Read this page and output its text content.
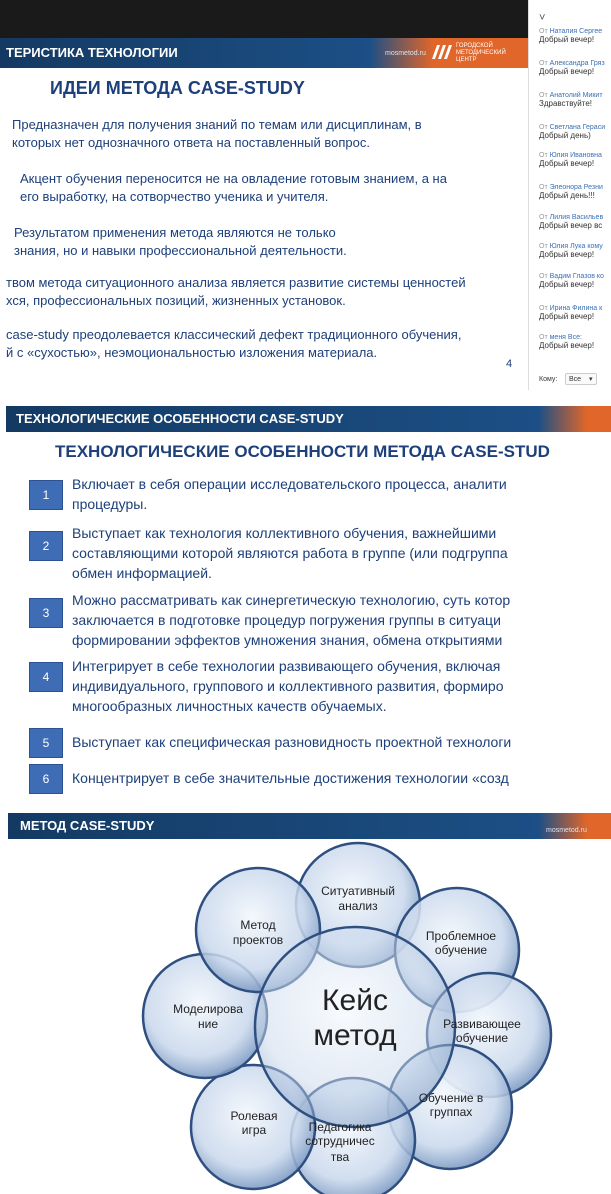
ТЕРИСТИКА ТЕХНОЛОГИИ	mosmetod.ru
ГОРОДСКОЙ МЕТОДИЧЕСКИЙ ЦЕНТР
ИДЕИ МЕТОДА CASE-STUDY
Предназначен для получения знаний по темам или дисциплинам, в
которых нет однозначного ответа на поставленный вопрос.
Акцент обучения переносится не на овладение готовым знанием, а на
его выработку, на сотворчество ученика и учителя.
Результатом применения метода являются не только
знания, но и навыки профессиональной деятельности.
твом метода ситуационного анализа является развитие системы ценностей
хся, профессиональных позиций, жизненных установок.
case-study преодолевается классический дефект традиционного обучения,
й с «сухостью», неэмоциональностью изложения материала.
4
˅
От Наталия Сергее
Добрый вечер!
От Александра Гряз
Добрый вечер!
От Анатолий Микит
Здравствуйте!
От Светлана Гераси
Добрый день)
От Юлия Ивановна
Добрый вечер!
От Элеонора Резни
Добрый день!!!
От Лилия Васильев
Добрый вечер вс
От Юлия Лука кому
Добрый вечер!
От Вадим Глазов ко
Добрый вечер!
От Ирина Филина к
Добрый вечер!
От меня Все:
Добрый вечер!
Кому:	Все ▾
ТЕХНОЛОГИЧЕСКИЕ ОСОБЕННОСТИ CASE-STUDY
ТЕХНОЛОГИЧЕСКИЕ ОСОБЕННОСТИ МЕТОДА CASE-STUD
1
Включает в себя операции исследовательского процесса, аналити
процедуры.
2
Выступает как технология коллективного обучения, важнейшими
составляющими которой являются работа в группе (или подгруппа
обмен информацией.
3
Можно рассматривать как синергетическую технологию, суть котор
заключается в подготовке процедур погружения группы в ситуаци
формировании эффектов умножения знания, обмена открытиями
4
Интегрирует в себе технологии развивающего обучения, включая
индивидуального, группового и коллективного развития, формиро
многообразных личностных качеств обучаемых.
5	Выступает как специфическая разновидность проектной технологи
6	Концентрирует в себе значительные достижения технологии «созд
МЕТОД CASE-STUDY	mosmetod.ru
Кейс
метод
Ситуативный
анализ
Проблемное
обучение
Развивающее
обучение
Обучение в
группах
Педагогика
сотрудничес
тва
Ролевая
игра
Моделирова
ние
Метод
проектов
